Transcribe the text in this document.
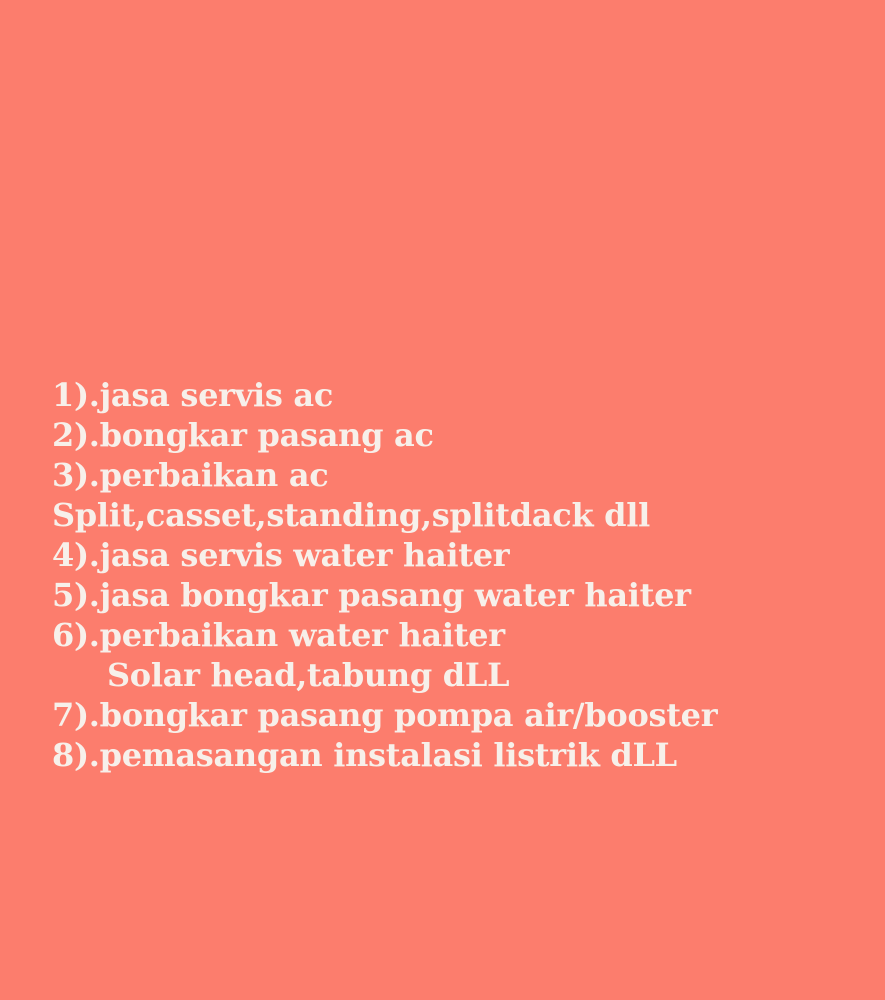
1).jasa servis ac
2).bongkar pasang ac
3).perbaikan ac
Split,casset,standing,splitdack dll
4).jasa servis water haiter
5).jasa bongkar pasang water haiter
6).perbaikan water haiter
Solar head,tabung dLL
7).bongkar pasang pompa air/booster
8).pemasangan instalasi listrik dLL
